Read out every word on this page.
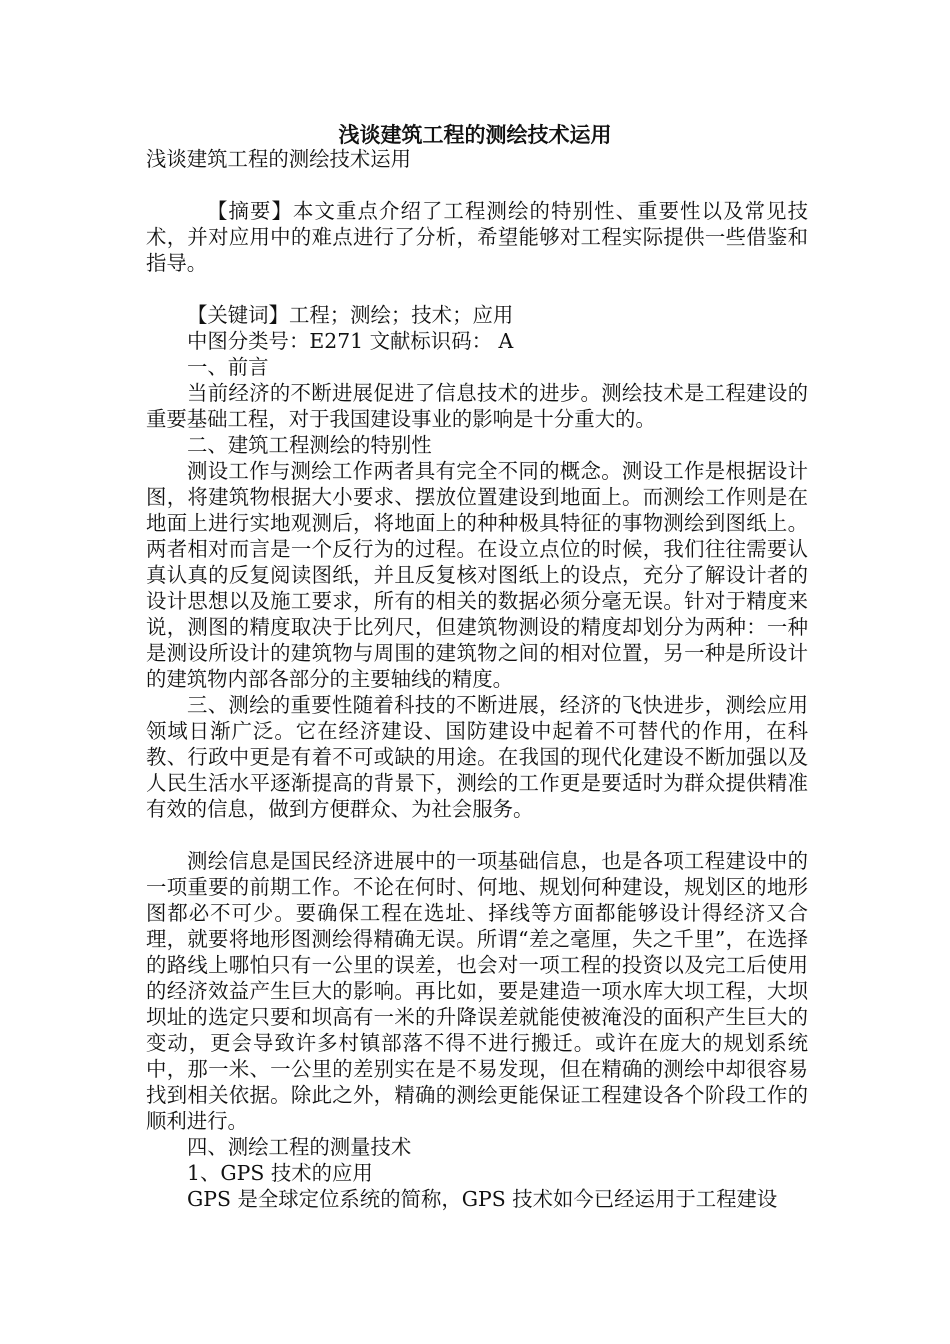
浅谈建筑工程的测绘技术运用

浅谈建筑工程的测绘技术运用

【摘要】本文重点介绍了工程测绘的特别性、重要性以及常见技术，并对应用中的难点进行了分析，希望能够对工程实际提供一些借鉴和指导。

【关键词】工程；测绘；技术；应用

中图分类号：E271 文献标识码： A

一、前言

当前经济的不断进展促进了信息技术的进步。测绘技术是工程建设的重要基础工程，对于我国建设事业的影响是十分重大的。

二、建筑工程测绘的特别性

测设工作与测绘工作两者具有完全不同的概念。测设工作是根据设计图，将建筑物根据大小要求、摆放位置建设到地面上。而测绘工作则是在地面上进行实地观测后，将地面上的种种极具特征的事物测绘到图纸上。两者相对而言是一个反行为的过程。在设立点位的时候，我们往往需要认真认真的反复阅读图纸，并且反复核对图纸上的设点，充分了解设计者的设计思想以及施工要求，所有的相关的数据必须分毫无误。针对于精度来说，测图的精度取决于比列尺，但建筑物测设的精度却划分为两种：一种是测设所设计的建筑物与周围的建筑物之间的相对位置，另一种是所设计的建筑物内部各部分的主要轴线的精度。

三、测绘的重要性随着科技的不断进展，经济的飞快进步，测绘应用领域日渐广泛。它在经济建设、国防建设中起着不可替代的作用，在科教、行政中更是有着不可或缺的用途。在我国的现代化建设不断加强以及人民生活水平逐渐提高的背景下，测绘的工作更是要适时为群众提供精准有效的信息，做到方便群众、为社会服务。

测绘信息是国民经济进展中的一项基础信息，也是各项工程建设中的一项重要的前期工作。不论在何时、何地、规划何种建设，规划区的地形图都必不可少。要确保工程在选址、择线等方面都能够设计得经济又合理，就要将地形图测绘得精确无误。所谓“差之毫厘，失之千里”，在选择的路线上哪怕只有一公里的误差，也会对一项工程的投资以及完工后使用的经济效益产生巨大的影响。再比如，要是建造一项水库大坝工程，大坝坝址的选定只要和坝高有一米的升降误差就能使被淹没的面积产生巨大的变动，更会导致许多村镇部落不得不进行搬迁。或许在庞大的规划系统中，那一米、一公里的差别实在是不易发现，但在精确的测绘中却很容易找到相关依据。除此之外，精确的测绘更能保证工程建设各个阶段工作的顺利进行。

四、测绘工程的测量技术

1、GPS 技术的应用

GPS 是全球定位系统的简称，GPS 技术如今已经运用于工程建设
